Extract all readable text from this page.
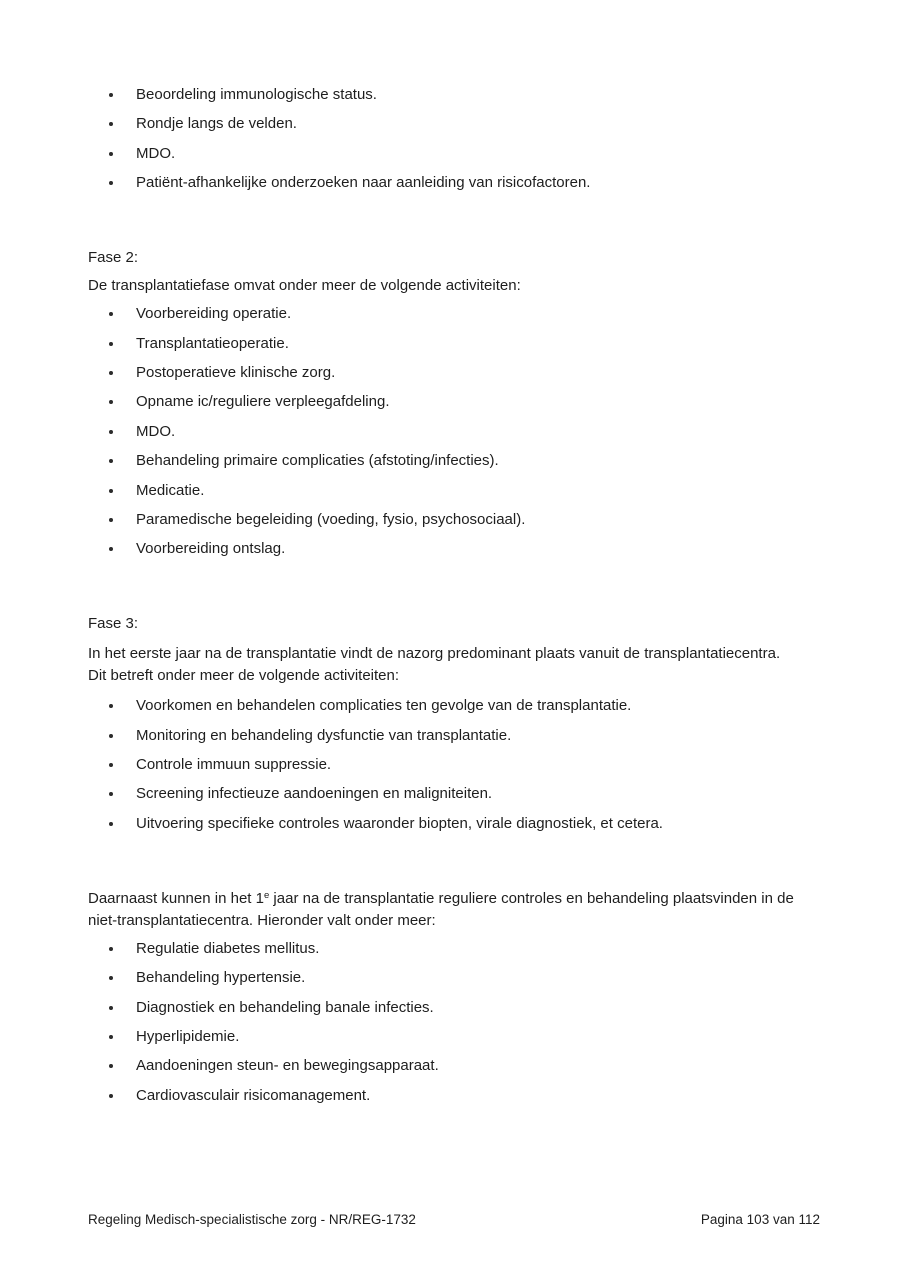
Beoordeling immunologische status.
Rondje langs de velden.
MDO.
Patiënt-afhankelijke onderzoeken naar aanleiding van risicofactoren.

Fase 2:

De transplantatiefase omvat onder meer de volgende activiteiten:

Voorbereiding operatie.
Transplantatieoperatie.
Postoperatieve klinische zorg.
Opname ic/reguliere verpleegafdeling.
MDO.
Behandeling primaire complicaties (afstoting/infecties).
Medicatie.
Paramedische begeleiding (voeding, fysio, psychosociaal).
Voorbereiding ontslag.

Fase 3:

In het eerste jaar na de transplantatie vindt de nazorg predominant plaats vanuit de transplantatiecentra.
Dit betreft onder meer de volgende activiteiten:

Voorkomen en behandelen complicaties ten gevolge van de transplantatie.
Monitoring en behandeling dysfunctie van transplantatie.
Controle immuun suppressie.
Screening infectieuze aandoeningen en maligniteiten.
Uitvoering specifieke controles waaronder biopten, virale diagnostiek, et cetera.

Daarnaast kunnen in het 1e jaar na de transplantatie reguliere controles en behandeling plaatsvinden in de
niet-transplantatiecentra. Hieronder valt onder meer:

Regulatie diabetes mellitus.
Behandeling hypertensie.
Diagnostiek en behandeling banale infecties.
Hyperlipidemie.
Aandoeningen steun- en bewegingsapparaat.
Cardiovasculair risicomanagement.
Regeling Medisch-specialistische zorg - NR/REG-1732	Pagina 103 van 112
